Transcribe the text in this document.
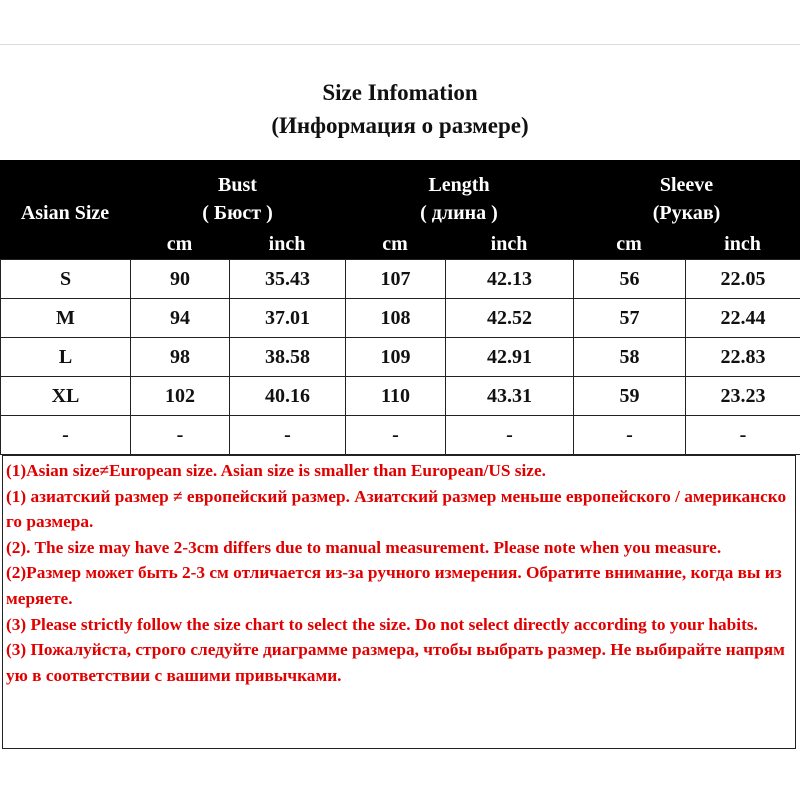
Size Infomation
(Информация о размере)
Asian Size
Bust
( Бюст )
cm	inch
Length
( длина )
cm	inch
Sleeve
(Рукав)
cm	inch
S	90	35.43	107	42.13	56	22.05
M	94	37.01	108	42.52	57	22.44
L	98	38.58	109	42.91	58	22.83
XL	102	40.16	110	43.31	59	23.23
-	-	-	-	-	-	-

(1)Asian size≠European size. Asian size is smaller than European/US size.

(1) азиатский размер ≠ европейский размер. Азиатский размер меньше европейского / американского размера.

(2). The size may have 2-3cm differs due to manual measurement. Please note when you measure.

(2)Размер может быть 2-3 см отличается из-за ручного измерения. Обратите внимание, когда вы измеряете.

(3) Please strictly follow the size chart to select the size. Do not select directly according to your habits.

(3) Пожалуйста, строго следуйте диаграмме размера, чтобы выбрать размер. Не выбирайте напрямую в соответствии с вашими привычками.
